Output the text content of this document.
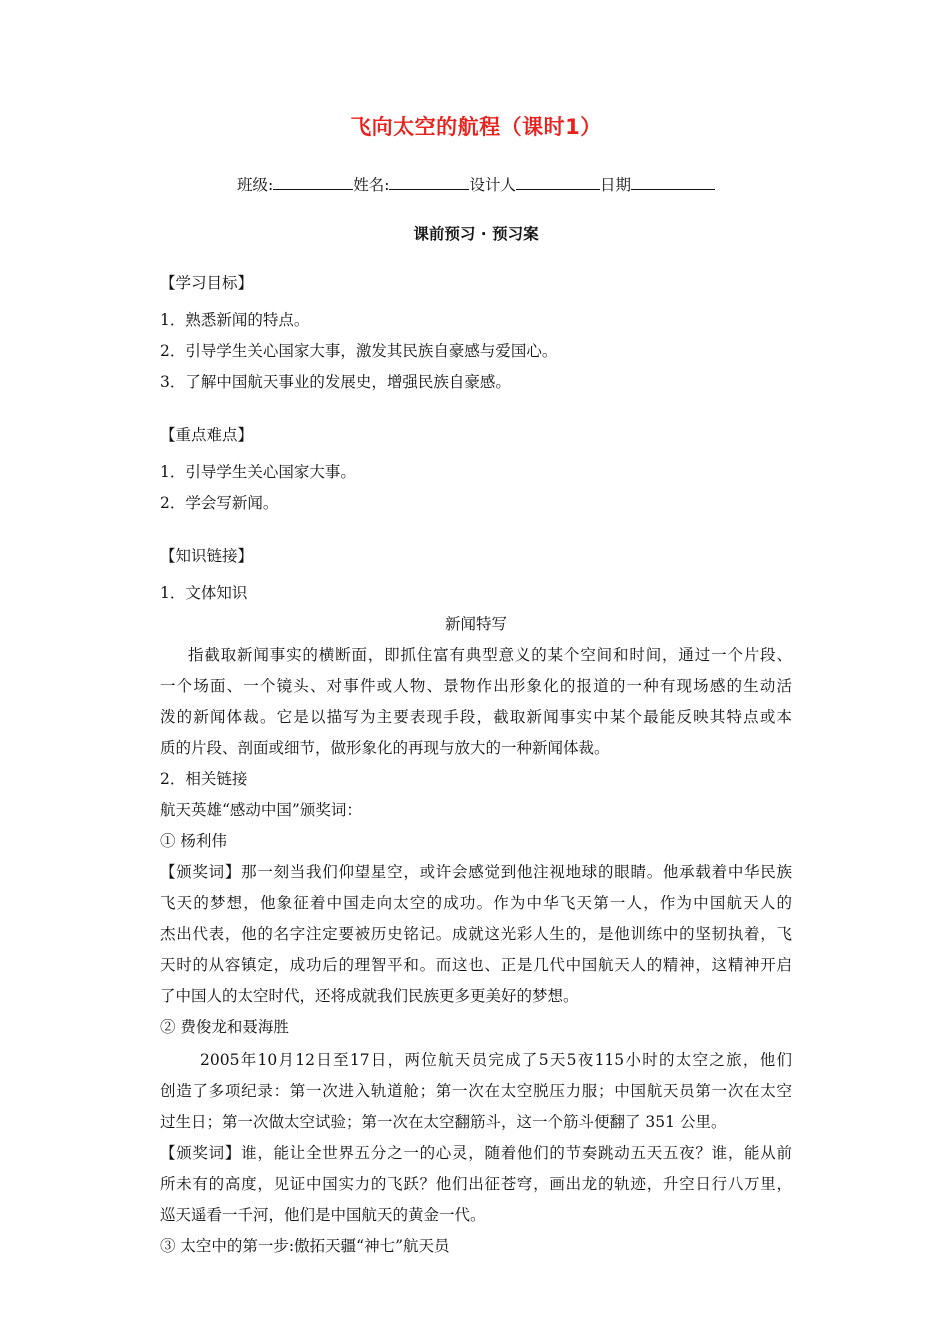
飞向太空的航程（课时1）
班级:	姓名:	设计人	日期
课前预习 · 预习案
【学习目标】
1．熟悉新闻的特点。
2．引导学生关心国家大事，激发其民族自豪感与爱国心。
3．了解中国航天事业的发展史，增强民族自豪感。
【重点难点】
1．引导学生关心国家大事。
2．学会写新闻。
【知识链接】
1．文体知识
新闻特写
指截取新闻事实的横断面，即抓住富有典型意义的某个空间和时间，通过一个片段、
一个场面、一个镜头、对事件或人物、景物作出形象化的报道的一种有现场感的生动活
泼的新闻体裁。它是以描写为主要表现手段，截取新闻事实中某个最能反映其特点或本
质的片段、剖面或细节，做形象化的再现与放大的一种新闻体裁。
2．相关链接
航天英雄“感动中国”颁奖词：
① 杨利伟
【颁奖词】那一刻当我们仰望星空，或许会感觉到他注视地球的眼睛。他承载着中华民族
飞天的梦想，他象征着中国走向太空的成功。作为中华飞天第一人，作为中国航天人的
杰出代表，他的名字注定要被历史铭记。成就这光彩人生的，是他训练中的坚韧执着，飞
天时的从容镇定，成功后的理智平和。而这也、正是几代中国航天人的精神，这精神开启
了中国人的太空时代，还将成就我们民族更多更美好的梦想。
② 费俊龙和聂海胜
2005年10月12日至17日，两位航天员完成了5天5夜115小时的太空之旅，他们
创造了多项纪录：第一次进入轨道舱；第一次在太空脱压力服；中国航天员第一次在太空
过生日；第一次做太空试验；第一次在太空翻筋斗，这一个筋斗便翻了 351 公里。
【颁奖词】谁，能让全世界五分之一的心灵，随着他们的节奏跳动五天五夜？谁，能从前
所未有的高度，见证中国实力的飞跃？他们出征苍穹，画出龙的轨迹，升空日行八万里，
巡天遥看一千河，他们是中国航天的黄金一代。
③ 太空中的第一步:傲拓天疆“神七”航天员
